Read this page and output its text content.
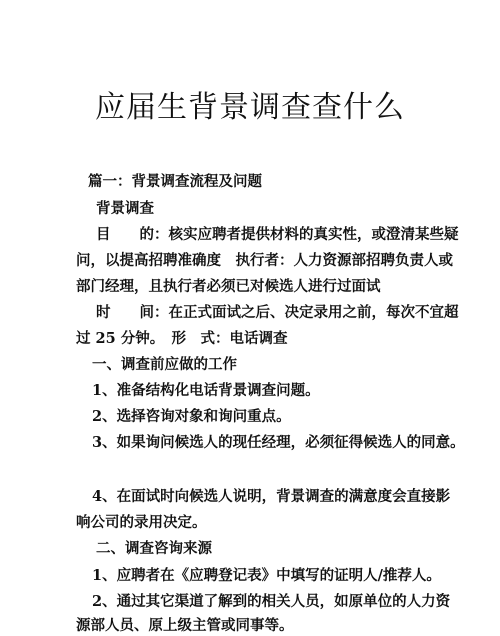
应届生背景调查查什么

篇一：背景调查流程及问题

背景调查

目　　的：核实应聘者提供材料的真实性，或澄清某些疑

问，以提高招聘准确度　执行者：人力资源部招聘负责人或

部门经理，且执行者必须已对候选人进行过面试

时　　间：在正式面试之后、决定录用之前，每次不宜超

过 25 分钟。　形　式：电话调查

一、调查前应做的工作

1、准备结构化电话背景调查问题。

2、选择咨询对象和询问重点。

3、如果询问候选人的现任经理，必须征得候选人的同意。

4、在面试时向候选人说明，背景调查的满意度会直接影

响公司的录用决定。

二、调查咨询来源

1、应聘者在《应聘登记表》中填写的证明人/推荐人。

2、通过其它渠道了解到的相关人员，如原单位的人力资

源部人员、原上级主管或同事等。
